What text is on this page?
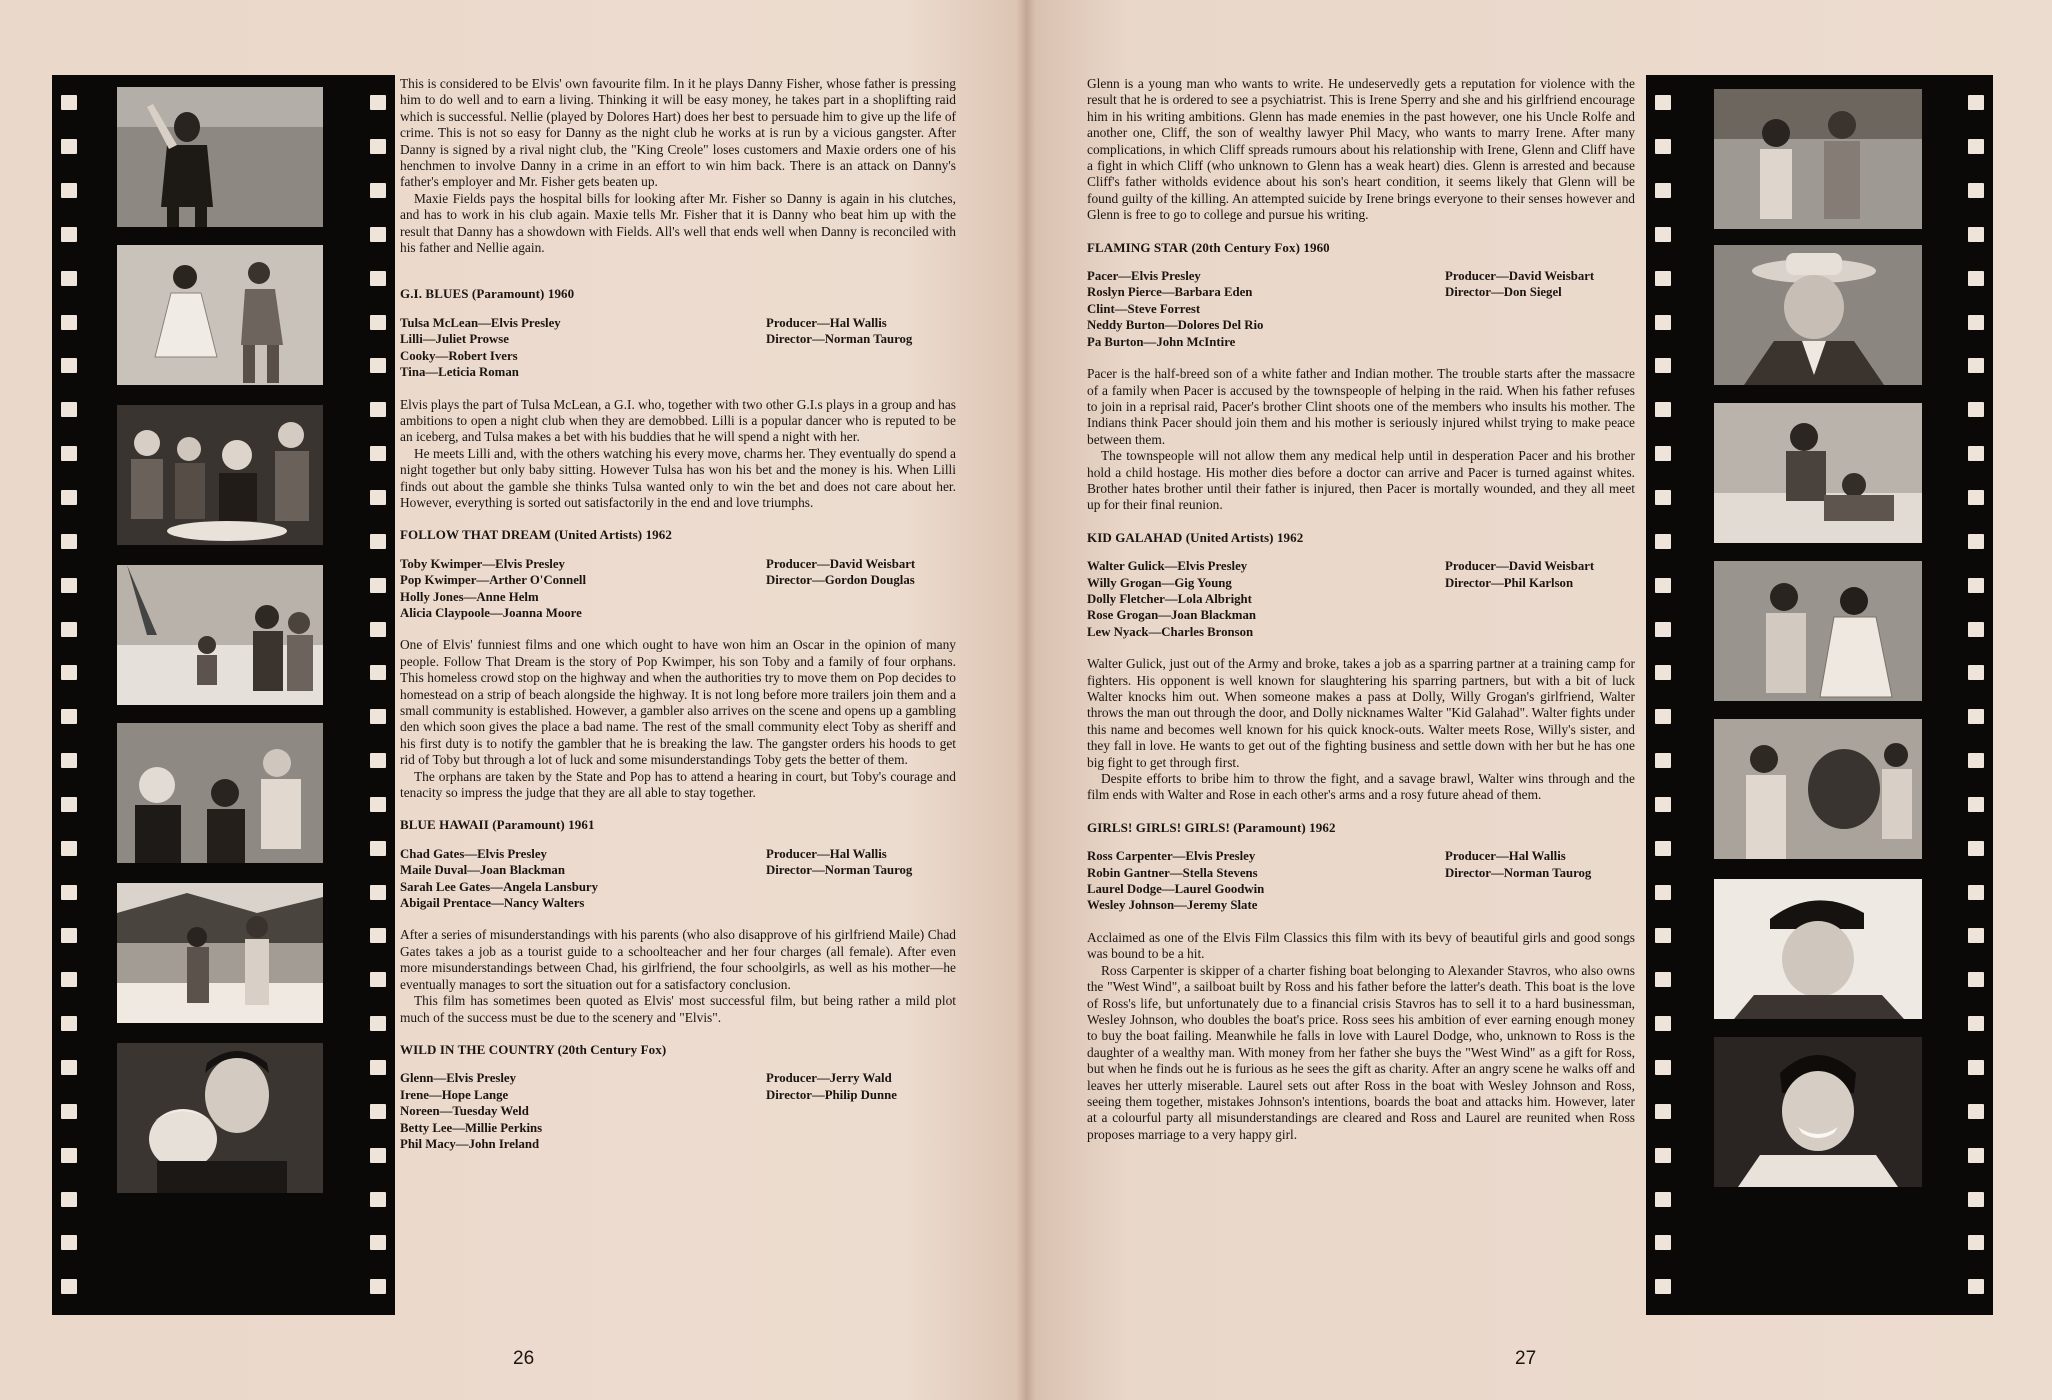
This is considered to be Elvis' own favourite film. In it he plays Danny Fisher, whose father is pressing him to do well and to earn a living. Thinking it will be easy money, he takes part in a shoplifting raid which is successful. Nellie (played by Dolores Hart) does her best to persuade him to give up the life of crime. This is not so easy for Danny as the night club he works at is run by a vicious gangster. After Danny is signed by a rival night club, the "King Creole" loses customers and Maxie orders one of his henchmen to involve Danny in a crime in an effort to win him back. There is an attack on Danny's father's employer and Mr. Fisher gets beaten up.

Maxie Fields pays the hospital bills for looking after Mr. Fisher so Danny is again in his clutches, and has to work in his club again. Maxie tells Mr. Fisher that it is Danny who beat him up with the result that Danny has a showdown with Fields. All's well that ends well when Danny is reconciled with his father and Nellie again.

G.I. BLUES (Paramount) 1960
Tulsa McLean—Elvis Presley
Lilli—Juliet Prowse
Cooky—Robert Ivers
Tina—Leticia Roman
Producer—Hal Wallis
Director—Norman Taurog

Elvis plays the part of Tulsa McLean, a G.I. who, together with two other G.I.s plays in a group and has ambitions to open a night club when they are demobbed. Lilli is a popular dancer who is reputed to be an iceberg, and Tulsa makes a bet with his buddies that he will spend a night with her.

He meets Lilli and, with the others watching his every move, charms her. They eventually do spend a night together but only baby sitting. However Tulsa has won his bet and the money is his. When Lilli finds out about the gamble she thinks Tulsa wanted only to win the bet and does not care about her. However, everything is sorted out satisfactorily in the end and love triumphs.

FOLLOW THAT DREAM (United Artists) 1962
Toby Kwimper—Elvis Presley
Pop Kwimper—Arther O'Connell
Holly Jones—Anne Helm
Alicia Claypoole—Joanna Moore
Producer—David Weisbart
Director—Gordon Douglas

One of Elvis' funniest films and one which ought to have won him an Oscar in the opinion of many people. Follow That Dream is the story of Pop Kwimper, his son Toby and a family of four orphans. This homeless crowd stop on the highway and when the authorities try to move them on Pop decides to homestead on a strip of beach alongside the highway. It is not long before more trailers join them and a small community is established. However, a gambler also arrives on the scene and opens up a gambling den which soon gives the place a bad name. The rest of the small community elect Toby as sheriff and his first duty is to notify the gambler that he is breaking the law. The gangster orders his hoods to get rid of Toby but through a lot of luck and some misunderstandings Toby gets the better of them.

The orphans are taken by the State and Pop has to attend a hearing in court, but Toby's courage and tenacity so impress the judge that they are all able to stay together.

BLUE HAWAII (Paramount) 1961
Chad Gates—Elvis Presley
Maile Duval—Joan Blackman
Sarah Lee Gates—Angela Lansbury
Abigail Prentace—Nancy Walters
Producer—Hal Wallis
Director—Norman Taurog

After a series of misunderstandings with his parents (who also disapprove of his girlfriend Maile) Chad Gates takes a job as a tourist guide to a schoolteacher and her four charges (all female). After even more misunderstandings between Chad, his girlfriend, the four schoolgirls, as well as his mother—he eventually manages to sort the situation out for a satisfactory conclusion.

This film has sometimes been quoted as Elvis' most successful film, but being rather a mild plot much of the success must be due to the scenery and "Elvis".

WILD IN THE COUNTRY (20th Century Fox)
Glenn—Elvis Presley
Irene—Hope Lange
Noreen—Tuesday Weld
Betty Lee—Millie Perkins
Phil Macy—John Ireland
Producer—Jerry Wald
Director—Philip Dunne

Glenn is a young man who wants to write. He undeservedly gets a reputation for violence with the result that he is ordered to see a psychiatrist. This is Irene Sperry and she and his girlfriend encourage him in his writing ambitions. Glenn has made enemies in the past however, one his Uncle Rolfe and another one, Cliff, the son of wealthy lawyer Phil Macy, who wants to marry Irene. After many complications, in which Cliff spreads rumours about his relationship with Irene, Glenn and Cliff have a fight in which Cliff (who unknown to Glenn has a weak heart) dies. Glenn is arrested and because Cliff's father witholds evidence about his son's heart condition, it seems likely that Glenn will be found guilty of the killing. An attempted suicide by Irene brings everyone to their senses however and Glenn is free to go to college and pursue his writing.

FLAMING STAR (20th Century Fox) 1960
Pacer—Elvis Presley
Roslyn Pierce—Barbara Eden
Clint—Steve Forrest
Neddy Burton—Dolores Del Rio
Pa Burton—John McIntire
Producer—David Weisbart
Director—Don Siegel

Pacer is the half-breed son of a white father and Indian mother. The trouble starts after the massacre of a family when Pacer is accused by the townspeople of helping in the raid. When his father refuses to join in a reprisal raid, Pacer's brother Clint shoots one of the members who insults his mother. The Indians think Pacer should join them and his mother is seriously injured whilst trying to make peace between them.

The townspeople will not allow them any medical help until in desperation Pacer and his brother hold a child hostage. His mother dies before a doctor can arrive and Pacer is turned against whites. Brother hates brother until their father is injured, then Pacer is mortally wounded, and they all meet up for their final reunion.

KID GALAHAD (United Artists) 1962
Walter Gulick—Elvis Presley
Willy Grogan—Gig Young
Dolly Fletcher—Lola Albright
Rose Grogan—Joan Blackman
Lew Nyack—Charles Bronson
Producer—David Weisbart
Director—Phil Karlson

Walter Gulick, just out of the Army and broke, takes a job as a sparring partner at a training camp for fighters. His opponent is well known for slaughtering his sparring partners, but with a bit of luck Walter knocks him out. When someone makes a pass at Dolly, Willy Grogan's girlfriend, Walter throws the man out through the door, and Dolly nicknames Walter "Kid Galahad". Walter fights under this name and becomes well known for his quick knock-outs. Walter meets Rose, Willy's sister, and they fall in love. He wants to get out of the fighting business and settle down with her but he has one big fight to get through first.

Despite efforts to bribe him to throw the fight, and a savage brawl, Walter wins through and the film ends with Walter and Rose in each other's arms and a rosy future ahead of them.

GIRLS! GIRLS! GIRLS! (Paramount) 1962
Ross Carpenter—Elvis Presley
Robin Gantner—Stella Stevens
Laurel Dodge—Laurel Goodwin
Wesley Johnson—Jeremy Slate
Producer—Hal Wallis
Director—Norman Taurog

Acclaimed as one of the Elvis Film Classics this film with its bevy of beautiful girls and good songs was bound to be a hit.

Ross Carpenter is skipper of a charter fishing boat belonging to Alexander Stavros, who also owns the "West Wind", a sailboat built by Ross and his father before the latter's death. This boat is the love of Ross's life, but unfortunately due to a financial crisis Stavros has to sell it to a hard businessman, Wesley Johnson, who doubles the boat's price. Ross sees his ambition of ever earning enough money to buy the boat failing. Meanwhile he falls in love with Laurel Dodge, who, unknown to Ross is the daughter of a wealthy man. With money from her father she buys the "West Wind" as a gift for Ross, but when he finds out he is furious as he sees the gift as charity. After an angry scene he walks off and leaves her utterly miserable. Laurel sets out after Ross in the boat with Wesley Johnson and Ross, seeing them together, mistakes Johnson's intentions, boards the boat and attacks him. However, later at a colourful party all misunderstandings are cleared and Ross and Laurel are reunited when Ross proposes marriage to a very happy girl.

26	27
